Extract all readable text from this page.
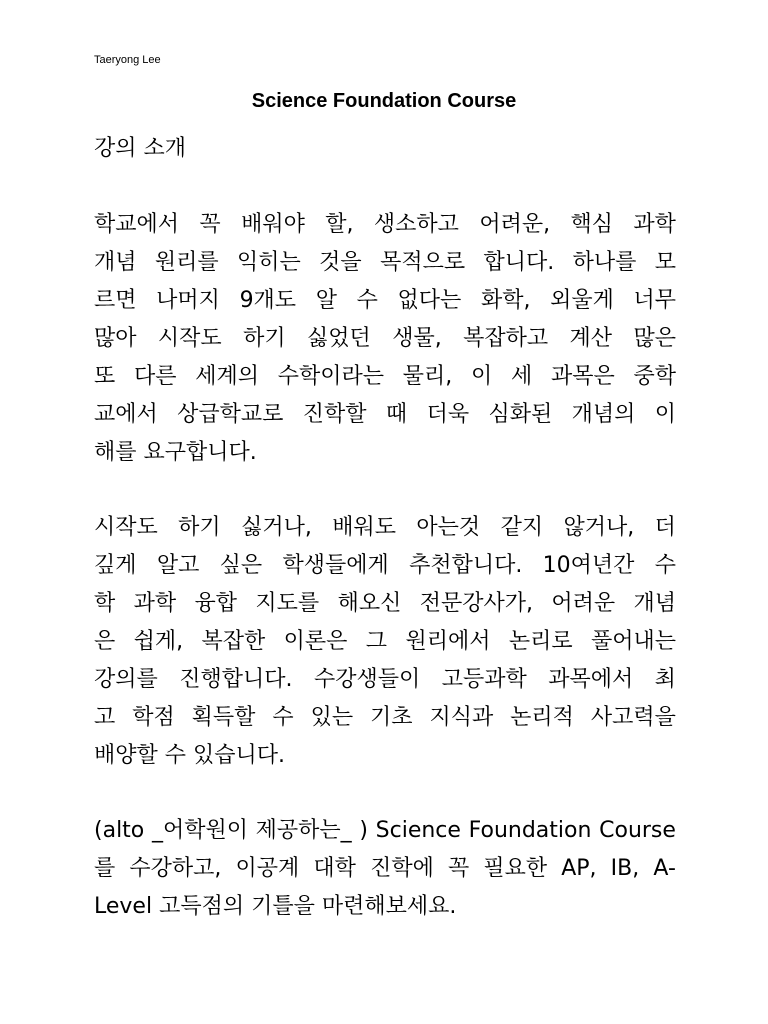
Taeryong Lee
Science Foundation Course
강의 소개
학교에서 꼭 배워야 할, 생소하고 어려운, 핵심 과학
개념 원리를 익히는 것을 목적으로 합니다. 하나를 모
르면 나머지 9개도 알 수 없다는 화학, 외울게 너무
많아 시작도 하기 싫었던 생물, 복잡하고 계산 많은
또 다른 세계의 수학이라는 물리, 이 세 과목은 중학
교에서 상급학교로 진학할 때 더욱 심화된 개념의 이
해를 요구합니다.
시작도 하기 싫거나, 배워도 아는것 같지 않거나, 더
깊게 알고 싶은 학생들에게 추천합니다. 10여년간 수
학 과학 융합 지도를 해오신 전문강사가, 어려운 개념
은 쉽게, 복잡한 이론은 그 원리에서 논리로 풀어내는
강의를 진행합니다. 수강생들이 고등과학 과목에서 최
고 학점 획득할 수 있는 기초 지식과 논리적 사고력을
배양할 수 있습니다.
(alto _어학원이 제공하는_ ) Science Foundation Course
를 수강하고, 이공계 대학 진학에 꼭 필요한 AP, IB, A-
Level 고득점의 기틀을 마련해보세요.
